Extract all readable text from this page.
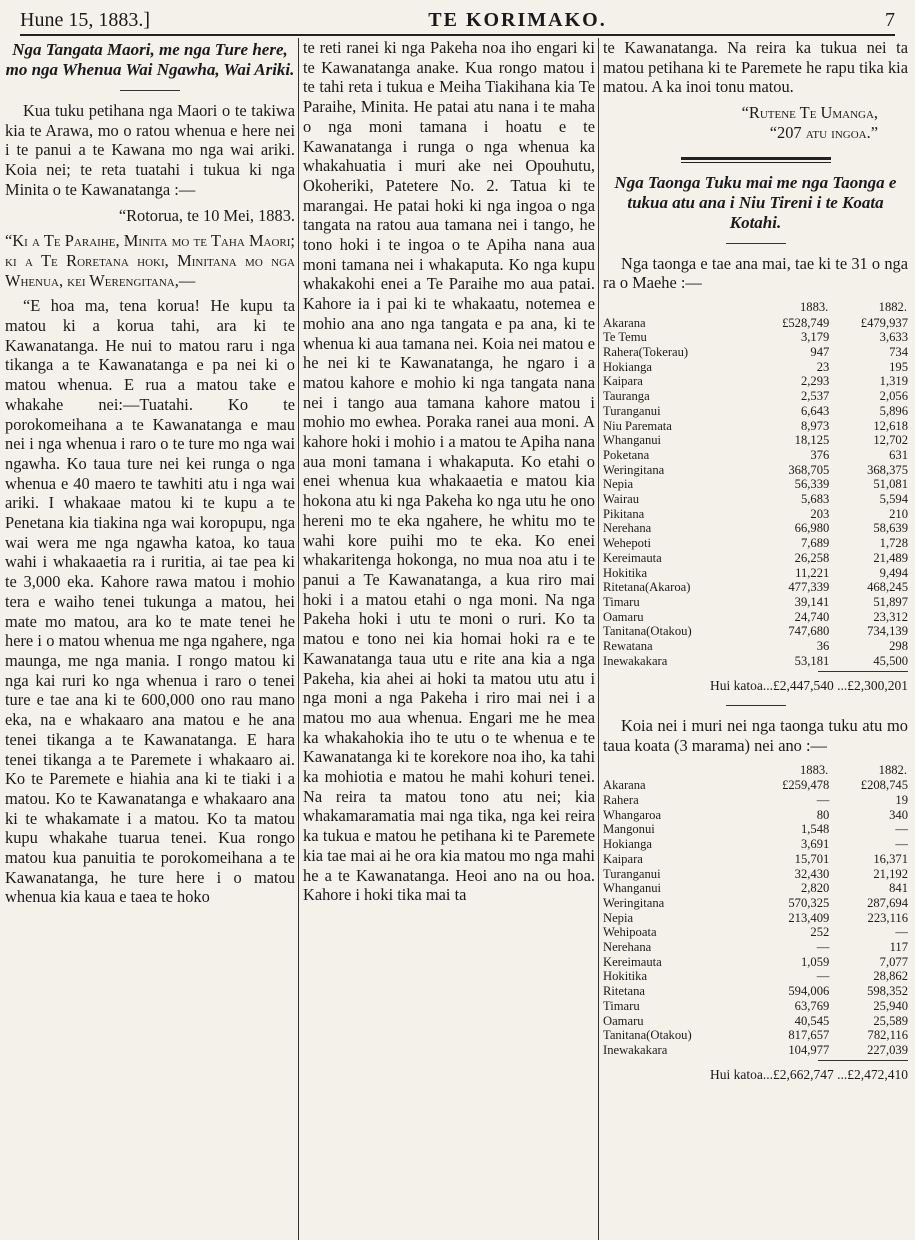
Hune 15, 1883.]	TE KORIMAKO.	7
Nga Tangata Maori, me nga Ture here, mo nga Whenua Wai Ngawha, Wai Ariki.

Kua tuku petihana nga Maori o te takiwa kia te Arawa, mo o ratou whenua e here nei i te panui a te Kawana mo nga wai ariki. Koia nei; te reta tuatahi i tukua ki nga Minita o te Kawanatanga :—

“Rotorua, te 10 Mei, 1883.

“Ki a Te Paraihe, Minita mo te Taha Maori; ki a Te Roretana hoki, Minitana mo nga Whenua, kei Werengitana,—

“E hoa ma, tena korua! He kupu ta matou ki a korua tahi, ara ki te Kawanatanga. He nui to matou raru i nga tikanga a te Kawanatanga e pa nei ki o matou whenua. E rua a matou take e whakahe nei:—Tuatahi. Ko te porokomeihana a te Kawanatanga e mau nei i nga whenua i raro o te ture mo nga wai ngawha. Ko taua ture nei kei runga o nga whenua e 40 maero te tawhiti atu i nga wai ariki. I whakaae matou ki te kupu a te Penetana kia tiakina nga wai koropupu, nga wai wera me nga ngawha katoa, ko taua wahi i whakaaetia ra i ruritia, ai tae pea ki te 3,000 eka. Kahore rawa matou i mohio tera e waiho tenei tukunga a matou, hei mate mo matou, ara ko te mate tenei he here i o matou whenua me nga ngahere, nga maunga, me nga mania. I rongo matou ki nga kai ruri ko nga whenua i raro o tenei ture e tae ana ki te 600,000 ono rau mano eka, na e whakaaro ana matou e he ana tenei tikanga a te Kawanatanga. E hara tenei tikanga a te Paremete i whakaaro ai. Ko te Paremete e hiahia ana ki te tiaki i a matou. Ko te Kawanatanga e whakaaro ana ki te whakamate i a matou. Ko ta matou kupu whakahe tuarua tenei. Kua rongo matou kua panuitia te porokomeihana a te Kawanatanga, he ture here i o matou whenua kia kaua e taea te hoko

te reti ranei ki nga Pakeha noa iho engari ki te Kawanatanga anake. Kua rongo matou i te tahi reta i tukua e Meiha Tiakihana kia Te Paraihe, Minita. He patai atu nana i te maha o nga moni tamana i hoatu e te Kawanatanga i runga o nga whenua ka whakahuatia i muri ake nei Opouhutu, Okoheriki, Patetere No. 2. Tatua ki te marangai. He patai hoki ki nga ingoa o nga tangata na ratou aua tamana nei i tango, he tono hoki i te ingoa o te Apiha nana aua moni tamana nei i whakaputa. Ko nga kupu whakakohi enei a Te Paraihe mo aua patai. Kahore ia i pai ki te whakaatu, notemea e mohio ana ano nga tangata e pa ana, ki te whenua ki aua tamana nei. Koia nei matou e he nei ki te Kawanatanga, he ngaro i a matou kahore e mohio ki nga tangata nana nei i tango aua tamana kahore matou i mohio mo ewhea. Poraka ranei aua moni. A kahore hoki i mohio i a matou te Apiha nana aua moni tamana i whakaputa. Ko etahi o enei whenua kua whakaaetia e matou kia hokona atu ki nga Pakeha ko nga utu he ono hereni mo te eka ngahere, he whitu mo te wahi kore puihi mo te eka. Ko enei whakaritenga hokonga, no mua noa atu i te panui a Te Kawanatanga, a kua riro mai hoki i a matou etahi o nga moni. Na nga Pakeha hoki i utu te moni o ruri. Ko ta matou e tono nei kia homai hoki ra e te Kawanatanga taua utu e rite ana kia a nga Pakeha, kia ahei ai hoki ta matou utu atu i nga moni a nga Pakeha i riro mai nei i a matou mo aua whenua. Engari me he mea ka whakahokia iho te utu o te whenua e te Kawanatanga ki te korekore noa iho, ka tahi ka mohiotia e matou he mahi kohuri tenei. Na reira ta matou tono atu nei; kia whakamaramatia mai nga tika, nga kei reira ka tukua e matou he petihana ki te Paremete kia tae mai ai he ora kia matou mo nga mahi he a te Kawanatanga. Heoi ano na ou hoa. Kahore i hoki tika mai ta

te Kawanatanga. Na reira ka tukua nei ta matou petihana ki te Paremete he rapu tika kia matou. A ka inoi tonu matou.

“Rutene Te Umanga,
“207 atu ingoa.”
Nga Taonga Tuku mai me nga Taonga e tukua atu ana i Niu Tireni i te Koata Kotahi.

Nga taonga e tae ana mai, tae ki te 31 o nga ra o Maehe :—

	1883.	1882.
Akarana	£528,749	£479,937
Te Temu	3,179	3,633
Rahera(Tokerau)	947	734
Hokianga	23	195
Kaipara	2,293	1,319
Tauranga	2,537	2,056
Turanganui	6,643	5,896
Niu Paremata	8,973	12,618
Whanganui	18,125	12,702
Poketana	376	631
Weringitana	368,705	368,375
Nepia	56,339	51,081
Wairau	5,683	5,594
Pikitana	203	210
Nerehana	66,980	58,639
Wehepoti	7,689	1,728
Kereimauta	26,258	21,489
Hokitika	11,221	9,494
Ritetana(Akaroa)	477,339	468,245
Timaru	39,141	51,897
Oamaru	24,740	23,312
Tanitana(Otakou)	747,680	734,139
Rewatana	36	298
Inewakakara	53,181	45,500
Hui katoa...£2,447,540 ...£2,300,201

Koia nei i muri nei nga taonga tuku atu mo taua koata (3 marama) nei ano :—

	1883.	1882.
Akarana	£259,478	£208,745
Rahera	—	19
Whangaroa	80	340
Mangonui	1,548	—
Hokianga	3,691	—
Kaipara	15,701	16,371
Turanganui	32,430	21,192
Whanganui	2,820	841
Weringitana	570,325	287,694
Nepia	213,409	223,116
Wehipoata	252	—
Nerehana	—	117
Kereimauta	1,059	7,077
Hokitika	—	28,862
Ritetana	594,006	598,352
Timaru	63,769	25,940
Oamaru	40,545	25,589
Tanitana(Otakou)	817,657	782,116
Inewakakara	104,977	227,039
Hui katoa...£2,662,747 ...£2,472,410
